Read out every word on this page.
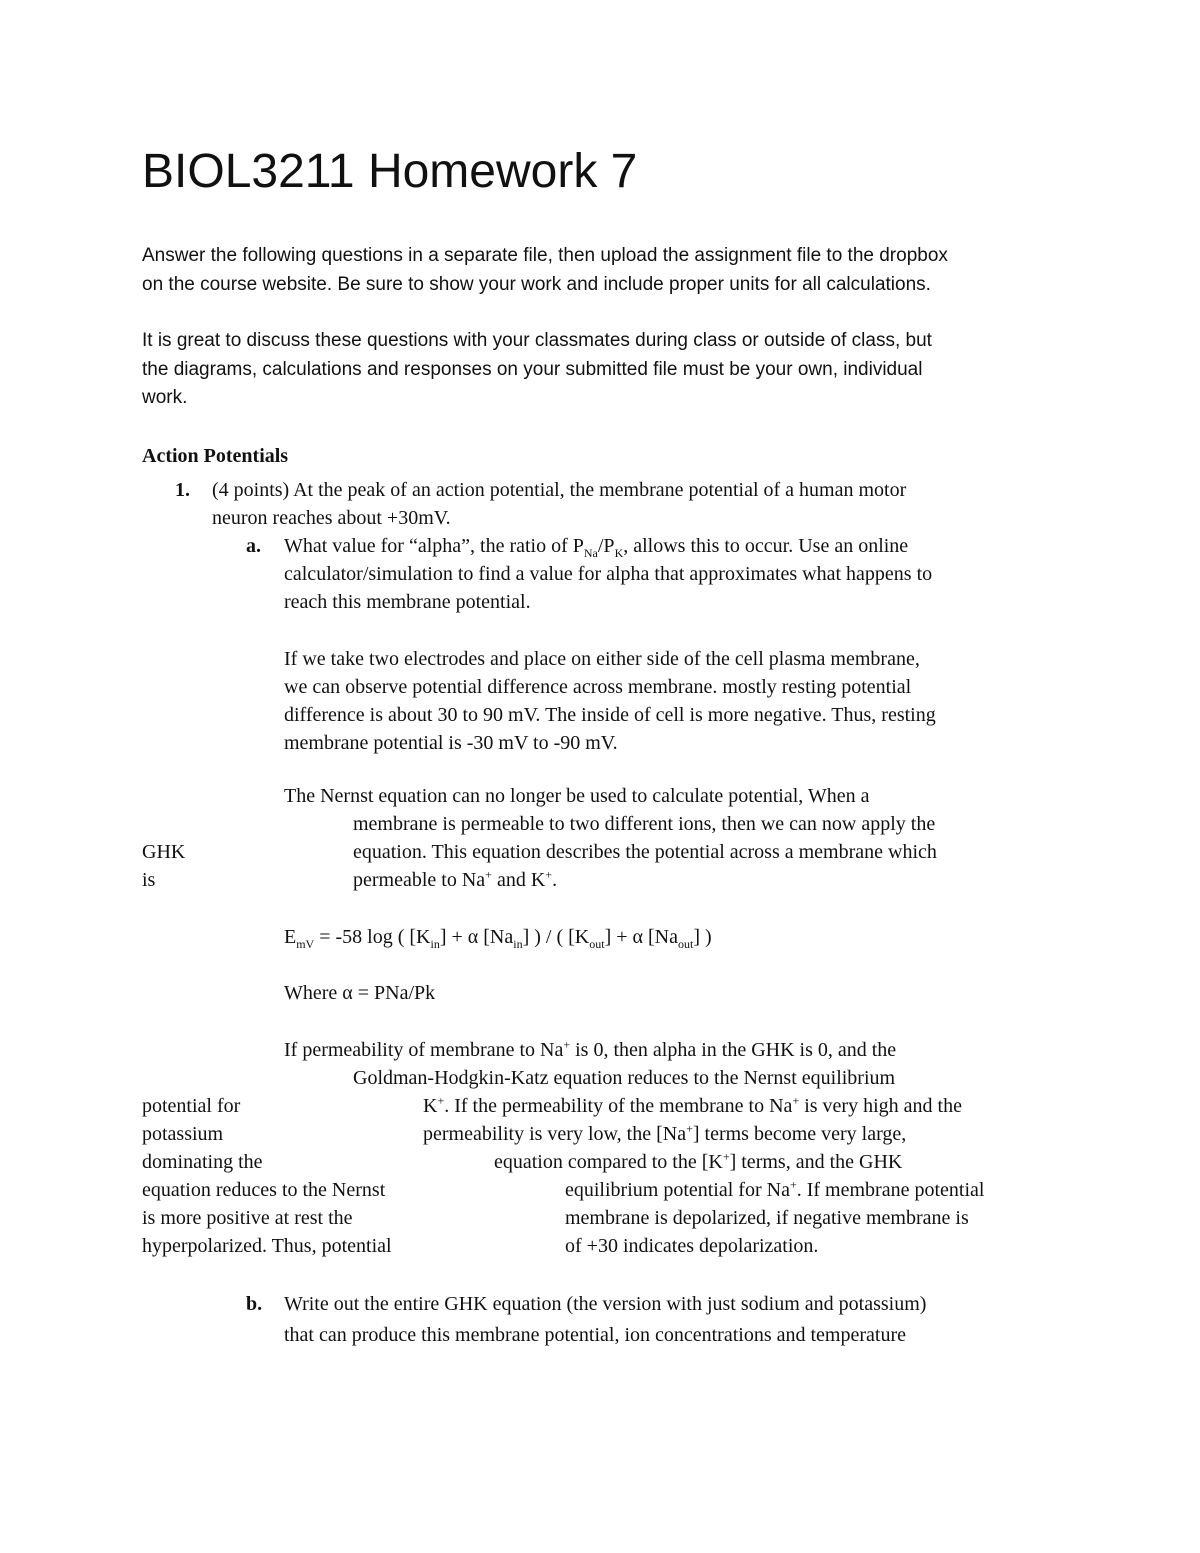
BIOL3211 Homework 7

Answer the following questions in a separate file, then upload the assignment file to the dropbox

on the course website. Be sure to show your work and include proper units for all calculations.

It is great to discuss these questions with your classmates during class or outside of class, but

the diagrams, calculations and responses on your submitted file must be your own, individual

work.

Action Potentials

1. (4 points) At the peak of an action potential, the membrane potential of a human motor

neuron reaches about +30mV.

a. What value for “alpha”, the ratio of $P_{Na}/P_K$, allows this to occur. Use an online

calculator/simulation to find a value for alpha that approximates what happens to

reach this membrane potential.

If we take two electrodes and place on either side of the cell plasma membrane,

we can observe potential difference across membrane. mostly resting potential

difference is about 30 to 90 mV. The inside of cell is more negative. Thus, resting

membrane potential is -30 mV to -90 mV.

The Nernst equation can no longer be used to calculate potential, When a

membrane is permeable to two different ions, then we can now apply the

GHK	equation. This equation describes the potential across a membrane which

is	permeable to Na+ and K+.

$E_{mV} = -58$ log ( $[K_{in}] + \alpha$ $[Na_{in}]$ ) / ( $[K_{out}] + \alpha$ $[Na_{out}]$ )

Where α = PNa/Pk

If permeability of membrane to Na+ is 0, then alpha in the GHK is 0, and the

Goldman-Hodgkin-Katz equation reduces to the Nernst equilibrium

potential for	K+. If the permeability of the membrane to Na+ is very high and the

potassium	permeability is very low, the [Na+] terms become very large,

dominating the	equation compared to the [K+] terms, and the GHK

equation reduces to the Nernst	equilibrium potential for Na+. If membrane potential

is more positive at rest the	membrane is depolarized, if negative membrane is

hyperpolarized. Thus, potential	of +30 indicates depolarization.

b. Write out the entire GHK equation (the version with just sodium and potassium)

that can produce this membrane potential, ion concentrations and temperature
